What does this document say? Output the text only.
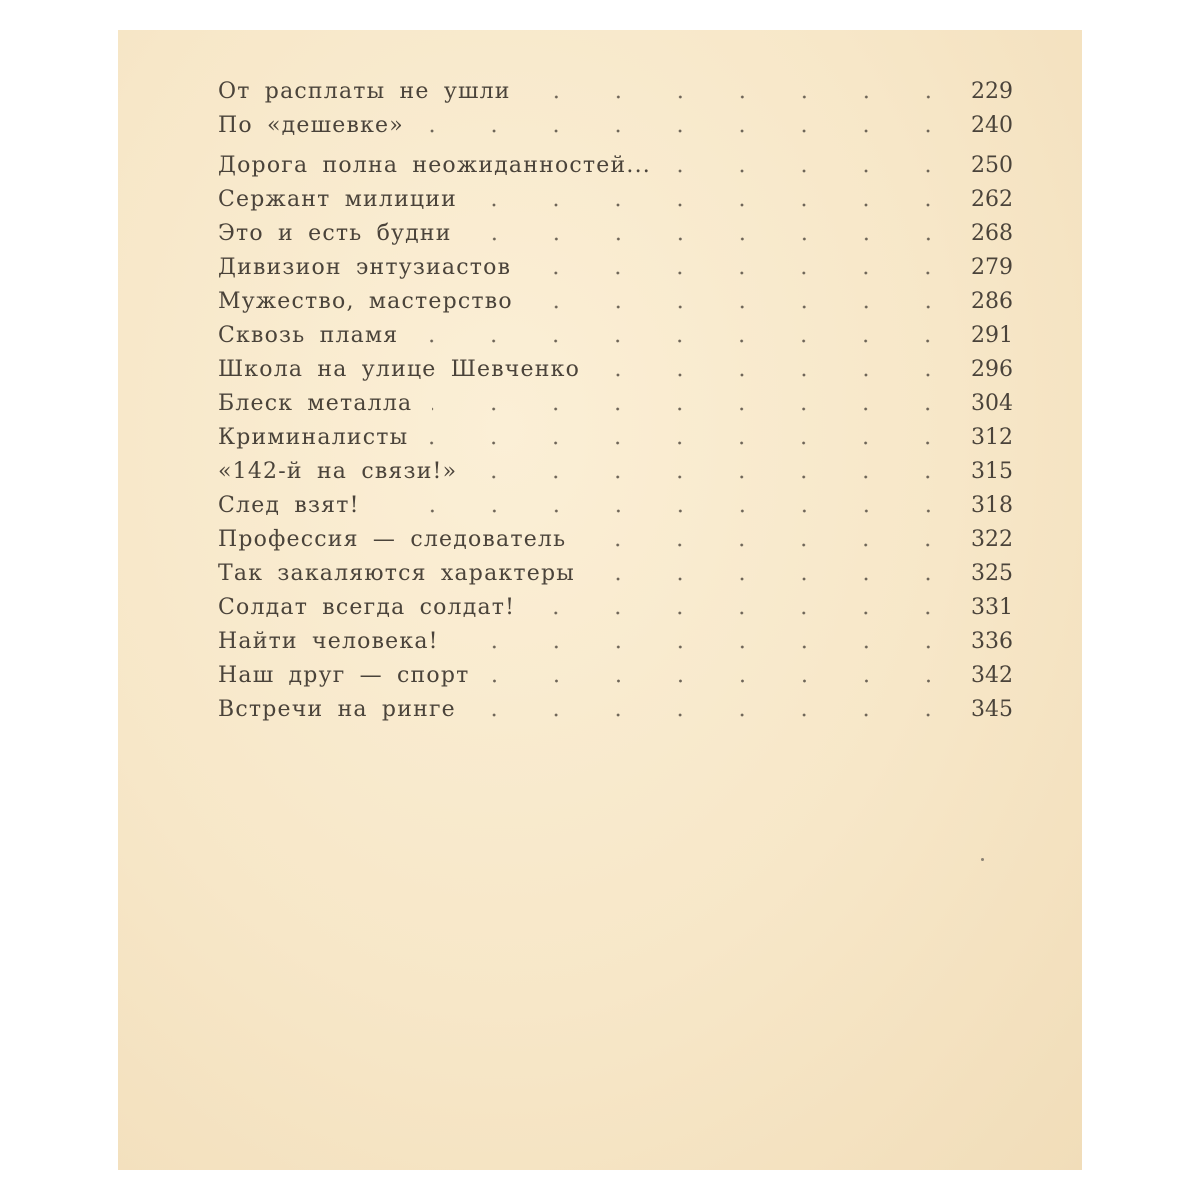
От расплаты не ушли	229
По «дешевке»	240
Дорога полна неожиданностей...	250
Сержант милиции	262
Это и есть будни	268
Дивизион энтузиастов	279
Мужество, мастерство	286
Сквозь пламя	291
Школа на улице Шевченко	296
Блеск металла	304
Криминалисты	312
«142-й на связи!»	315
След взят!	318
Профессия — следователь	322
Так закаляются характеры	325
Солдат всегда солдат!	331
Найти человека!	336
Наш друг — спорт	342
Встречи на ринге	345
